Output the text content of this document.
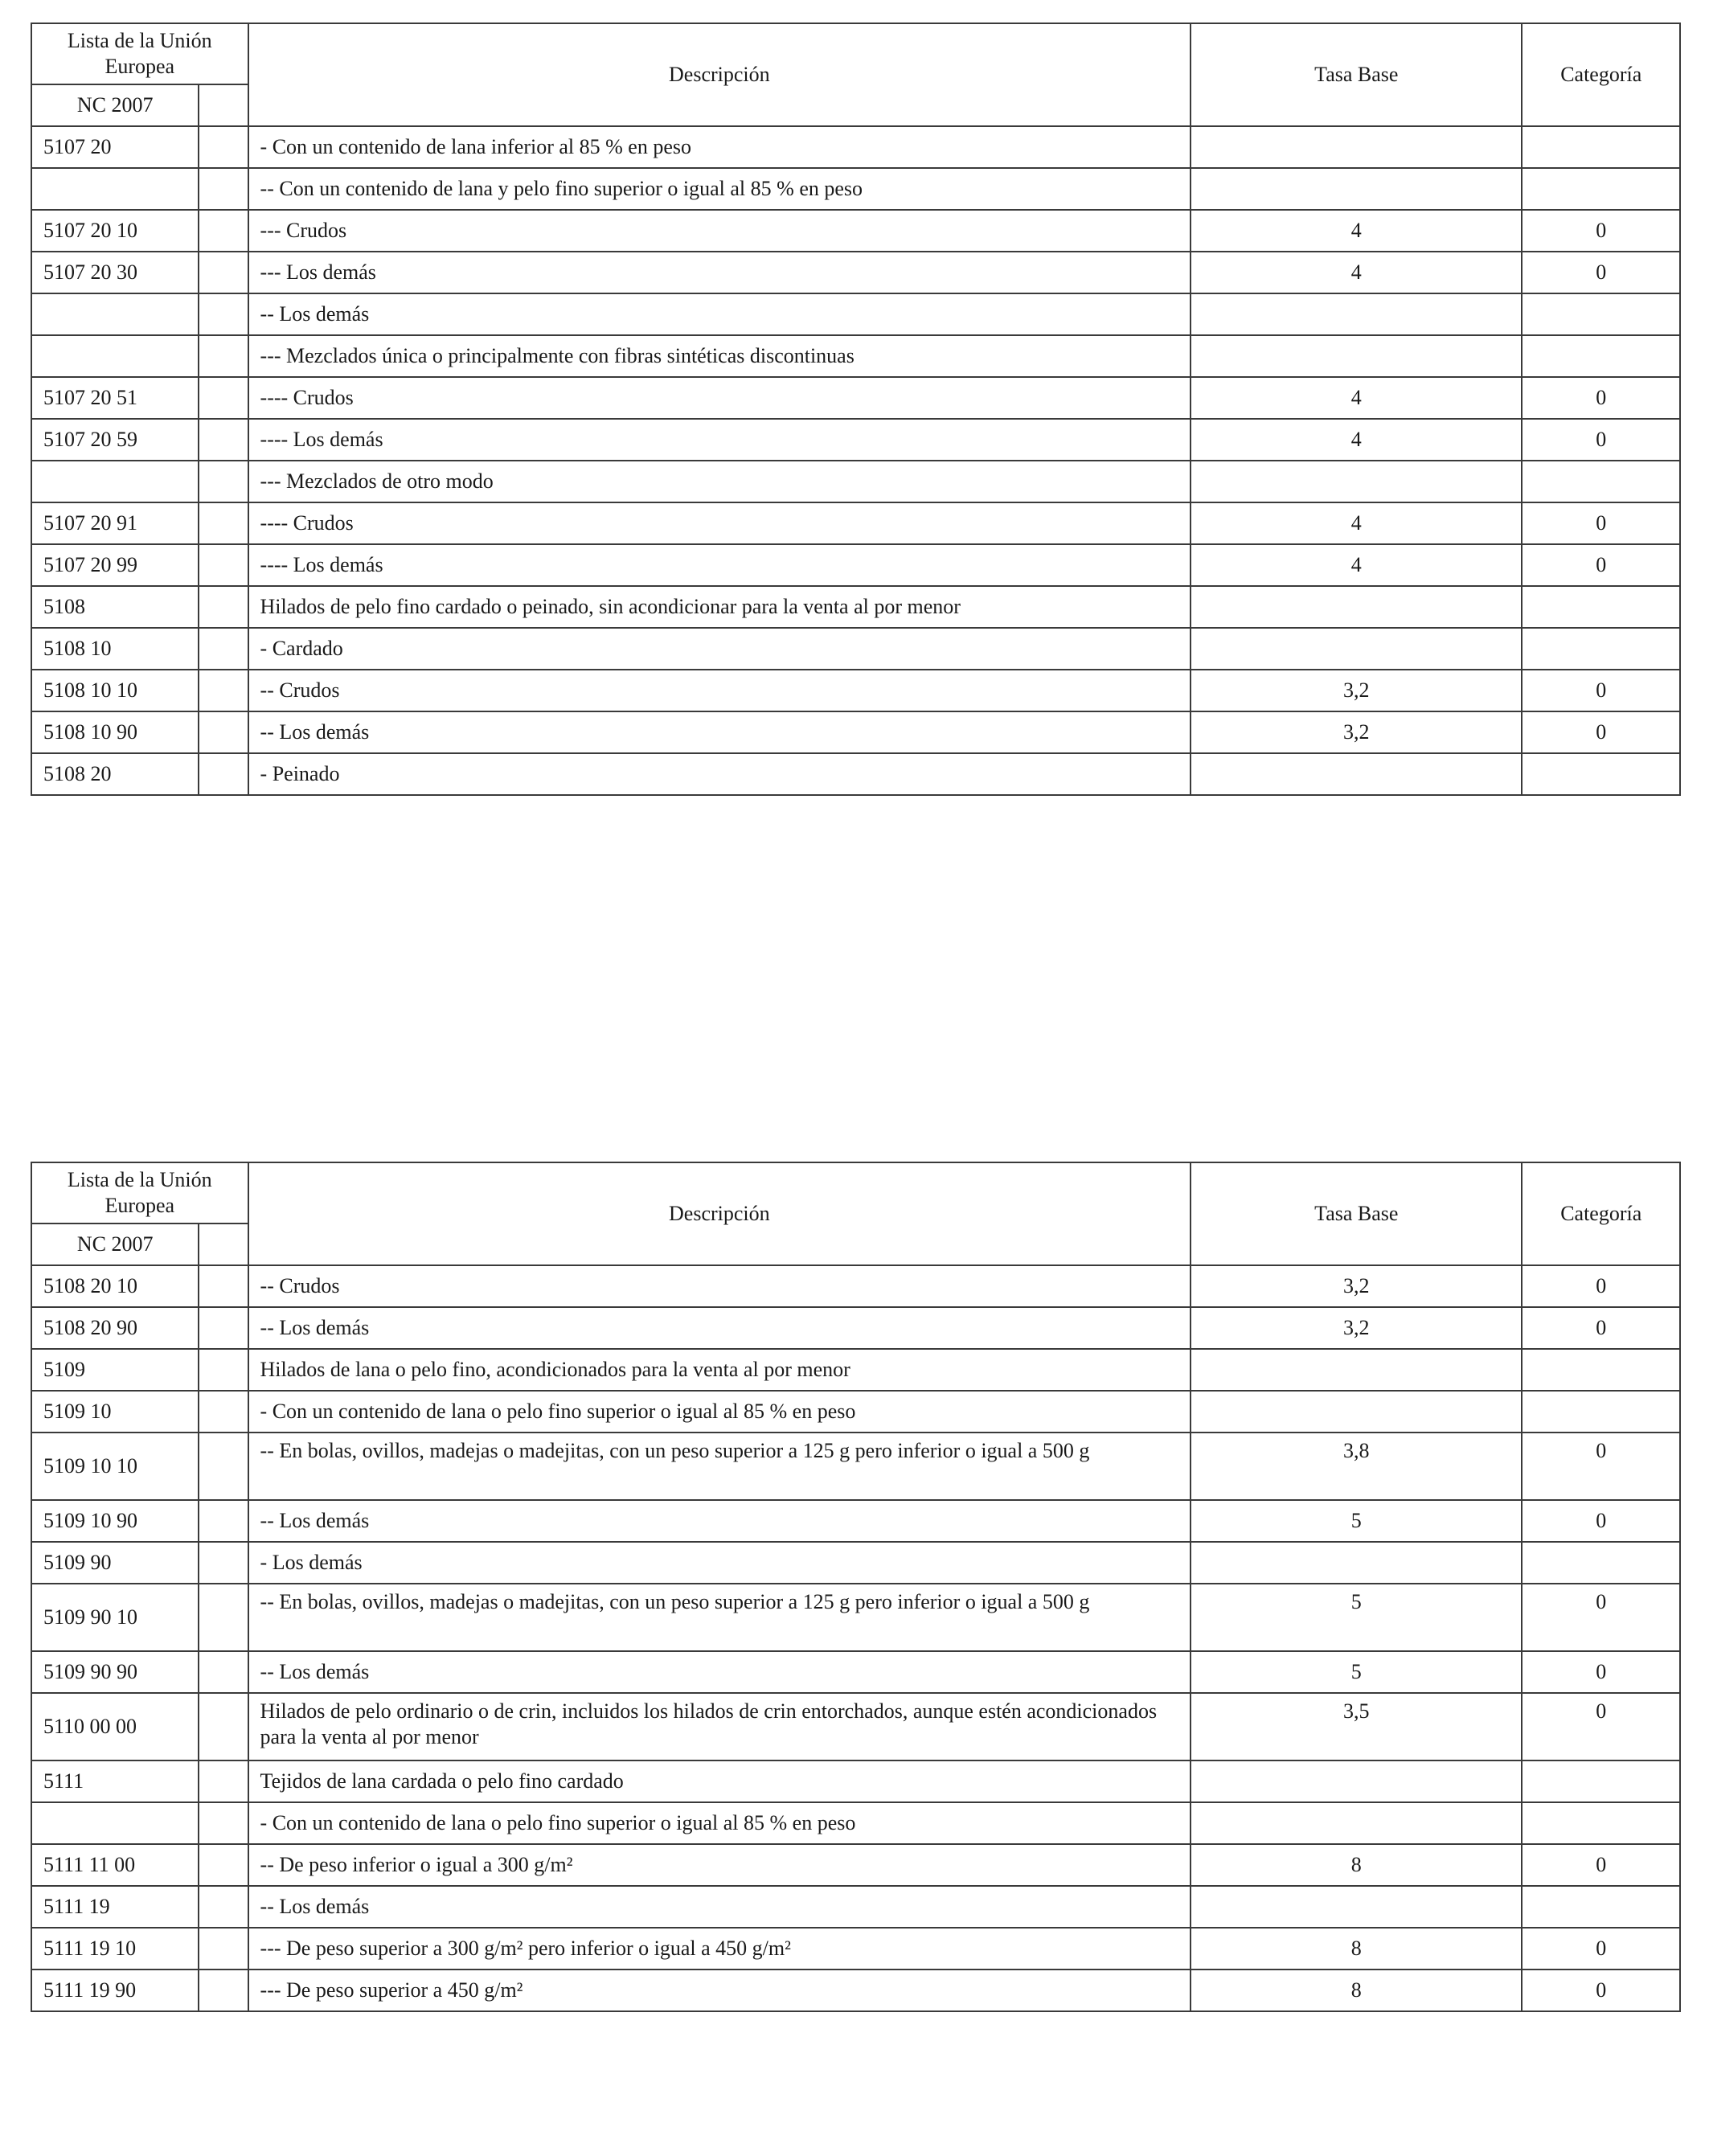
Lista de la Unión Europea		Descripción	Tasa Base	Categoría
NC 2007				
5107 20		- Con un contenido de lana inferior al 85 % en peso		
		-- Con un contenido de lana y pelo fino superior o igual al 85 % en peso		
5107 20 10		--- Crudos	4	0
5107 20 30		--- Los demás	4	0
		-- Los demás		
		--- Mezclados única o principalmente con fibras sintéticas discontinuas		
5107 20 51		---- Crudos	4	0
5107 20 59		---- Los demás	4	0
		--- Mezclados de otro modo		
5107 20 91		---- Crudos	4	0
5107 20 99		---- Los demás	4	0
5108		Hilados de pelo fino cardado o peinado, sin acondicionar para la venta al por menor		
5108 10		- Cardado		
5108 10 10		-- Crudos	3,2	0
5108 10 90		-- Los demás	3,2	0
5108 20		- Peinado		
Lista de la Unión Europea		Descripción	Tasa Base	Categoría
NC 2007				
5108 20 10		-- Crudos	3,2	0
5108 20 90		-- Los demás	3,2	0
5109		Hilados de lana o pelo fino, acondicionados para la venta al por menor		
5109 10		- Con un contenido de lana o pelo fino superior o igual al 85 % en peso		
5109 10 10		-- En bolas, ovillos, madejas o madejitas, con un peso superior a 125 g pero inferior o igual a 500 g	3,8	0
5109 10 90		-- Los demás	5	0
5109 90		- Los demás		
5109 90 10		-- En bolas, ovillos, madejas o madejitas, con un peso superior a 125 g pero inferior o igual a 500 g	5	0
5109 90 90		-- Los demás	5	0
5110 00 00		Hilados de pelo ordinario o de crin, incluidos los hilados de crin entorchados, aunque estén acondicionados para la venta al por menor	3,5	0
5111		Tejidos de lana cardada o pelo fino cardado		
		- Con un contenido de lana o pelo fino superior o igual al 85 % en peso		
5111 11 00		-- De peso inferior o igual a 300 g/m²	8	0
5111 19		-- Los demás		
5111 19 10		--- De peso superior a 300 g/m² pero inferior o igual a 450 g/m²	8	0
5111 19 90		--- De peso superior a 450 g/m²	8	0
